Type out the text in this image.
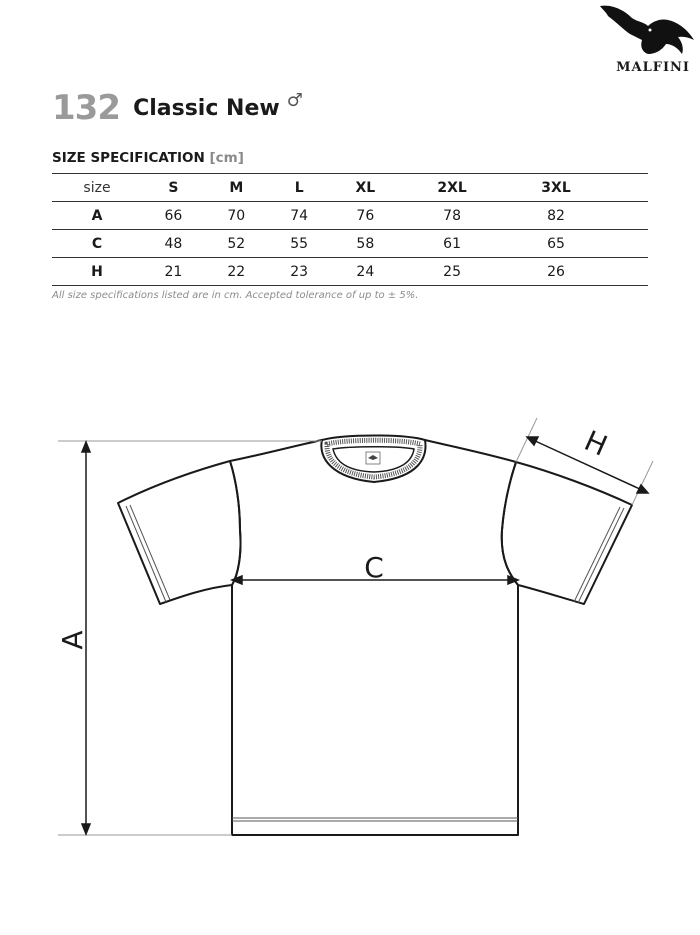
MALFINI
132 Classic New ♂
SIZE SPECIFICATION [cm]
size	S	M	L	XL	2XL	3XL	
A	66	70	74	76	78	82	
C	48	52	55	58	61	65	
H	21	22	23	24	25	26	
All size specifications listed are in cm. Accepted tolerance of up to ± 5%.
A
C
H
